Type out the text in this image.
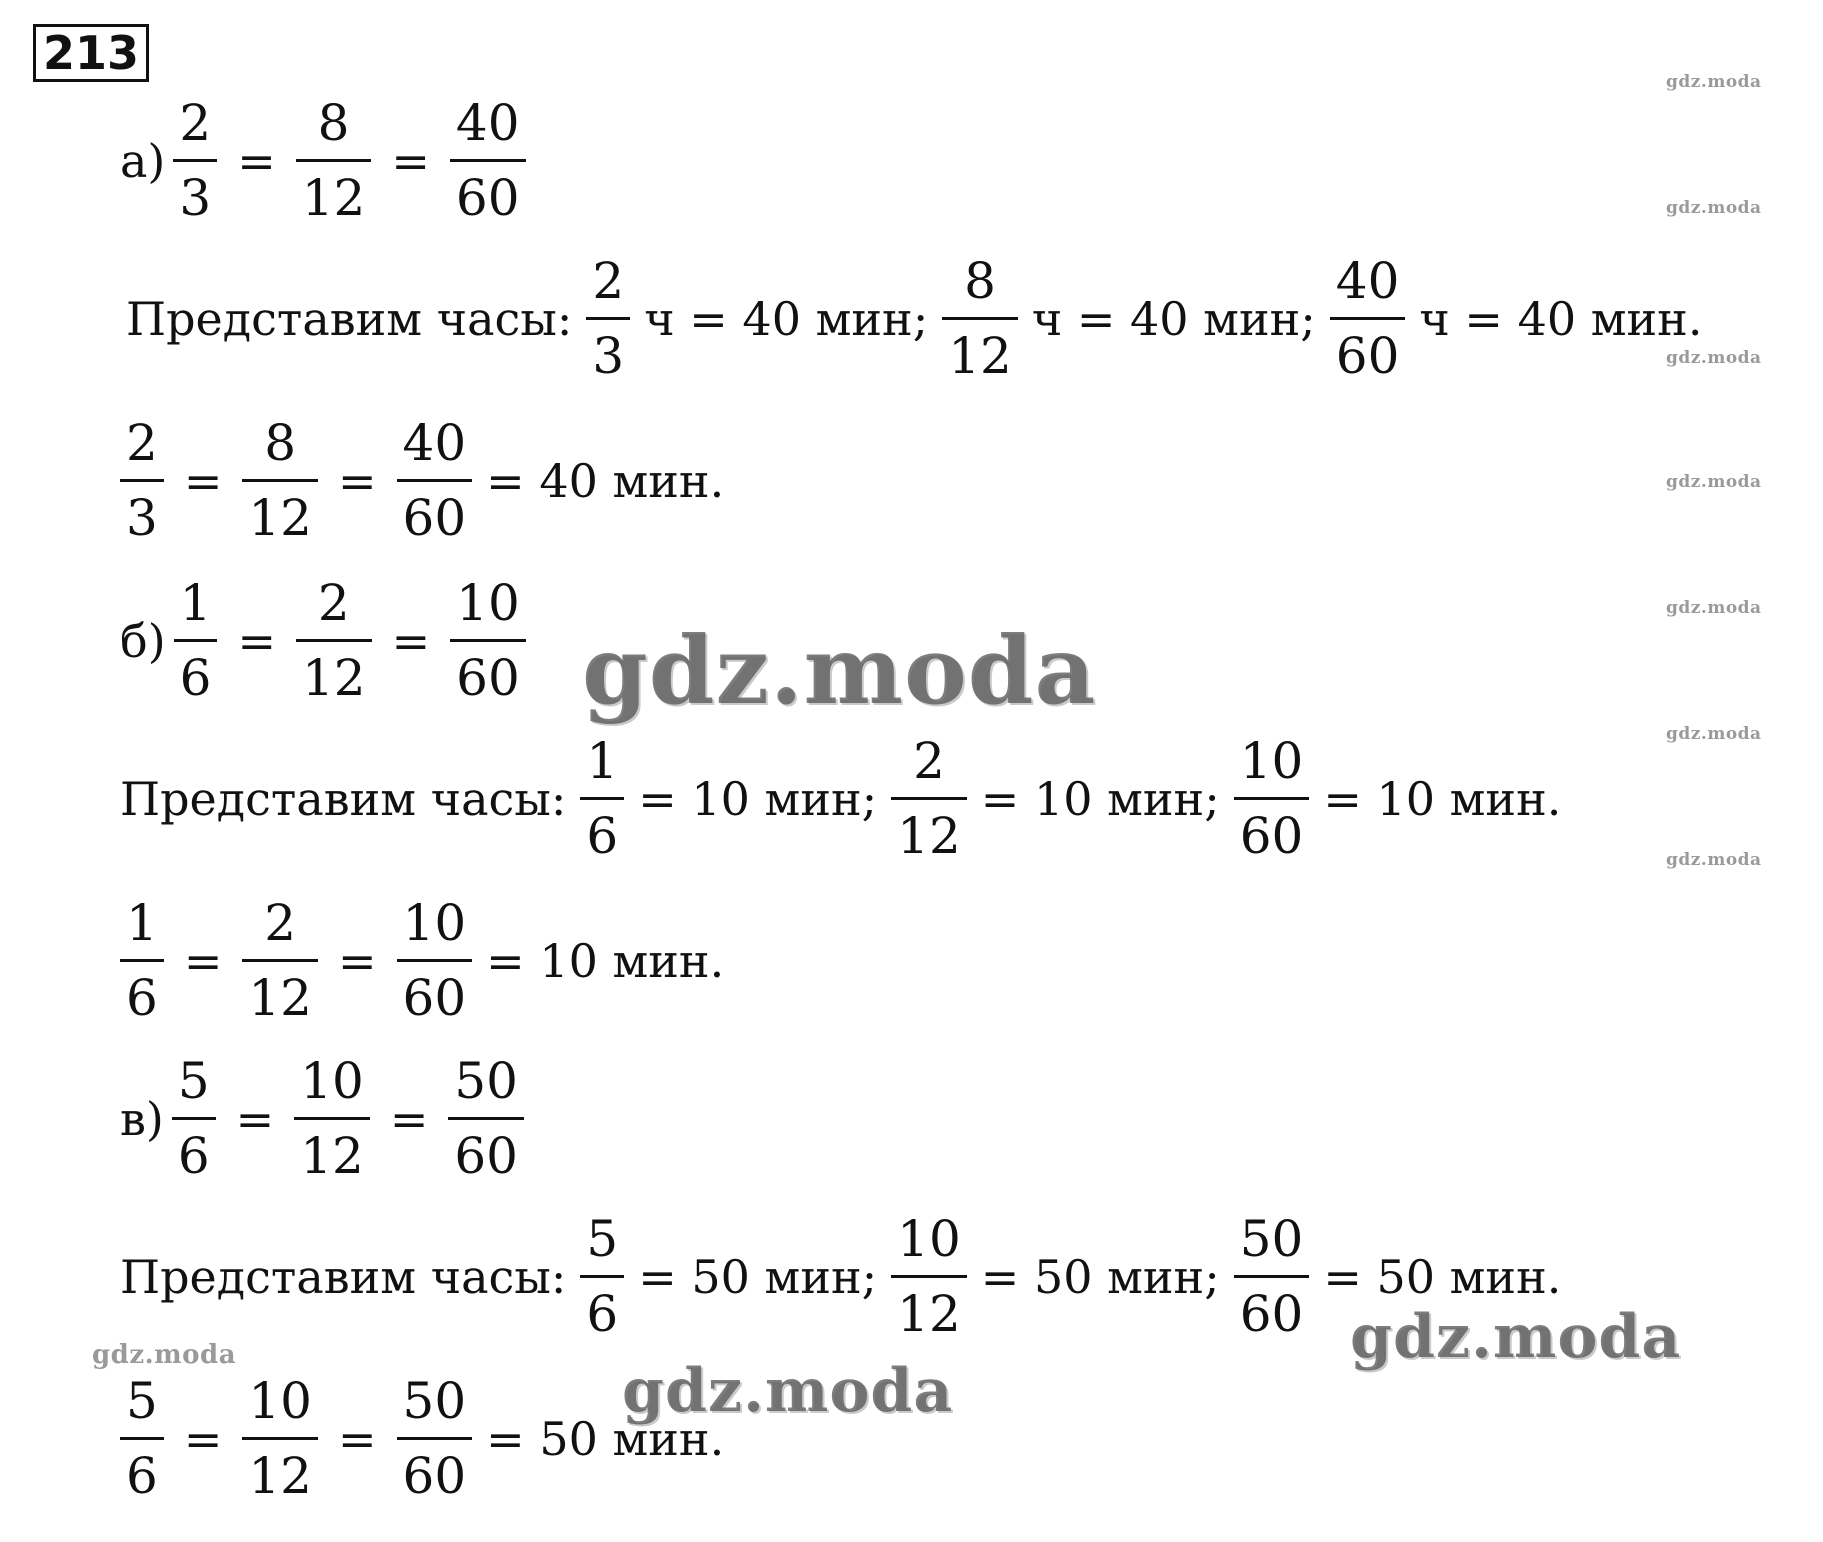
213
$а) \frac{2}{3} = \frac{8}{12} = \frac{40}{60}$
Представим часы: $\frac{2}{3}$ ч = 40 мин; $\frac{8}{12}$ ч = 40 мин; $\frac{40}{60}$ ч = 40 мин.
$\frac{2}{3} = \frac{8}{12} = \frac{40}{60} = 40$ мин.
$б) \frac{1}{6} = \frac{2}{12} = \frac{10}{60}$
Представим часы: $\frac{1}{6} = 10$ мин; $\frac{2}{12} = 10$ мин; $\frac{10}{60} = 10$ мин.
$\frac{1}{6} = \frac{2}{12} = \frac{10}{60} = 10$ мин.
$в) \frac{5}{6} = \frac{10}{12} = \frac{50}{60}$
Представим часы: $\frac{5}{6} = 50$ мин; $\frac{10}{12} = 50$ мин; $\frac{50}{60} = 50$ мин.
$\frac{5}{6} = \frac{10}{12} = \frac{50}{60} = 50$ мин.
gdz.moda
gdz.moda
gdz.moda
gdz.moda
gdz.moda
gdz.moda
gdz.moda
gdz.moda
gdz.moda
gdz.moda
gdz.moda
